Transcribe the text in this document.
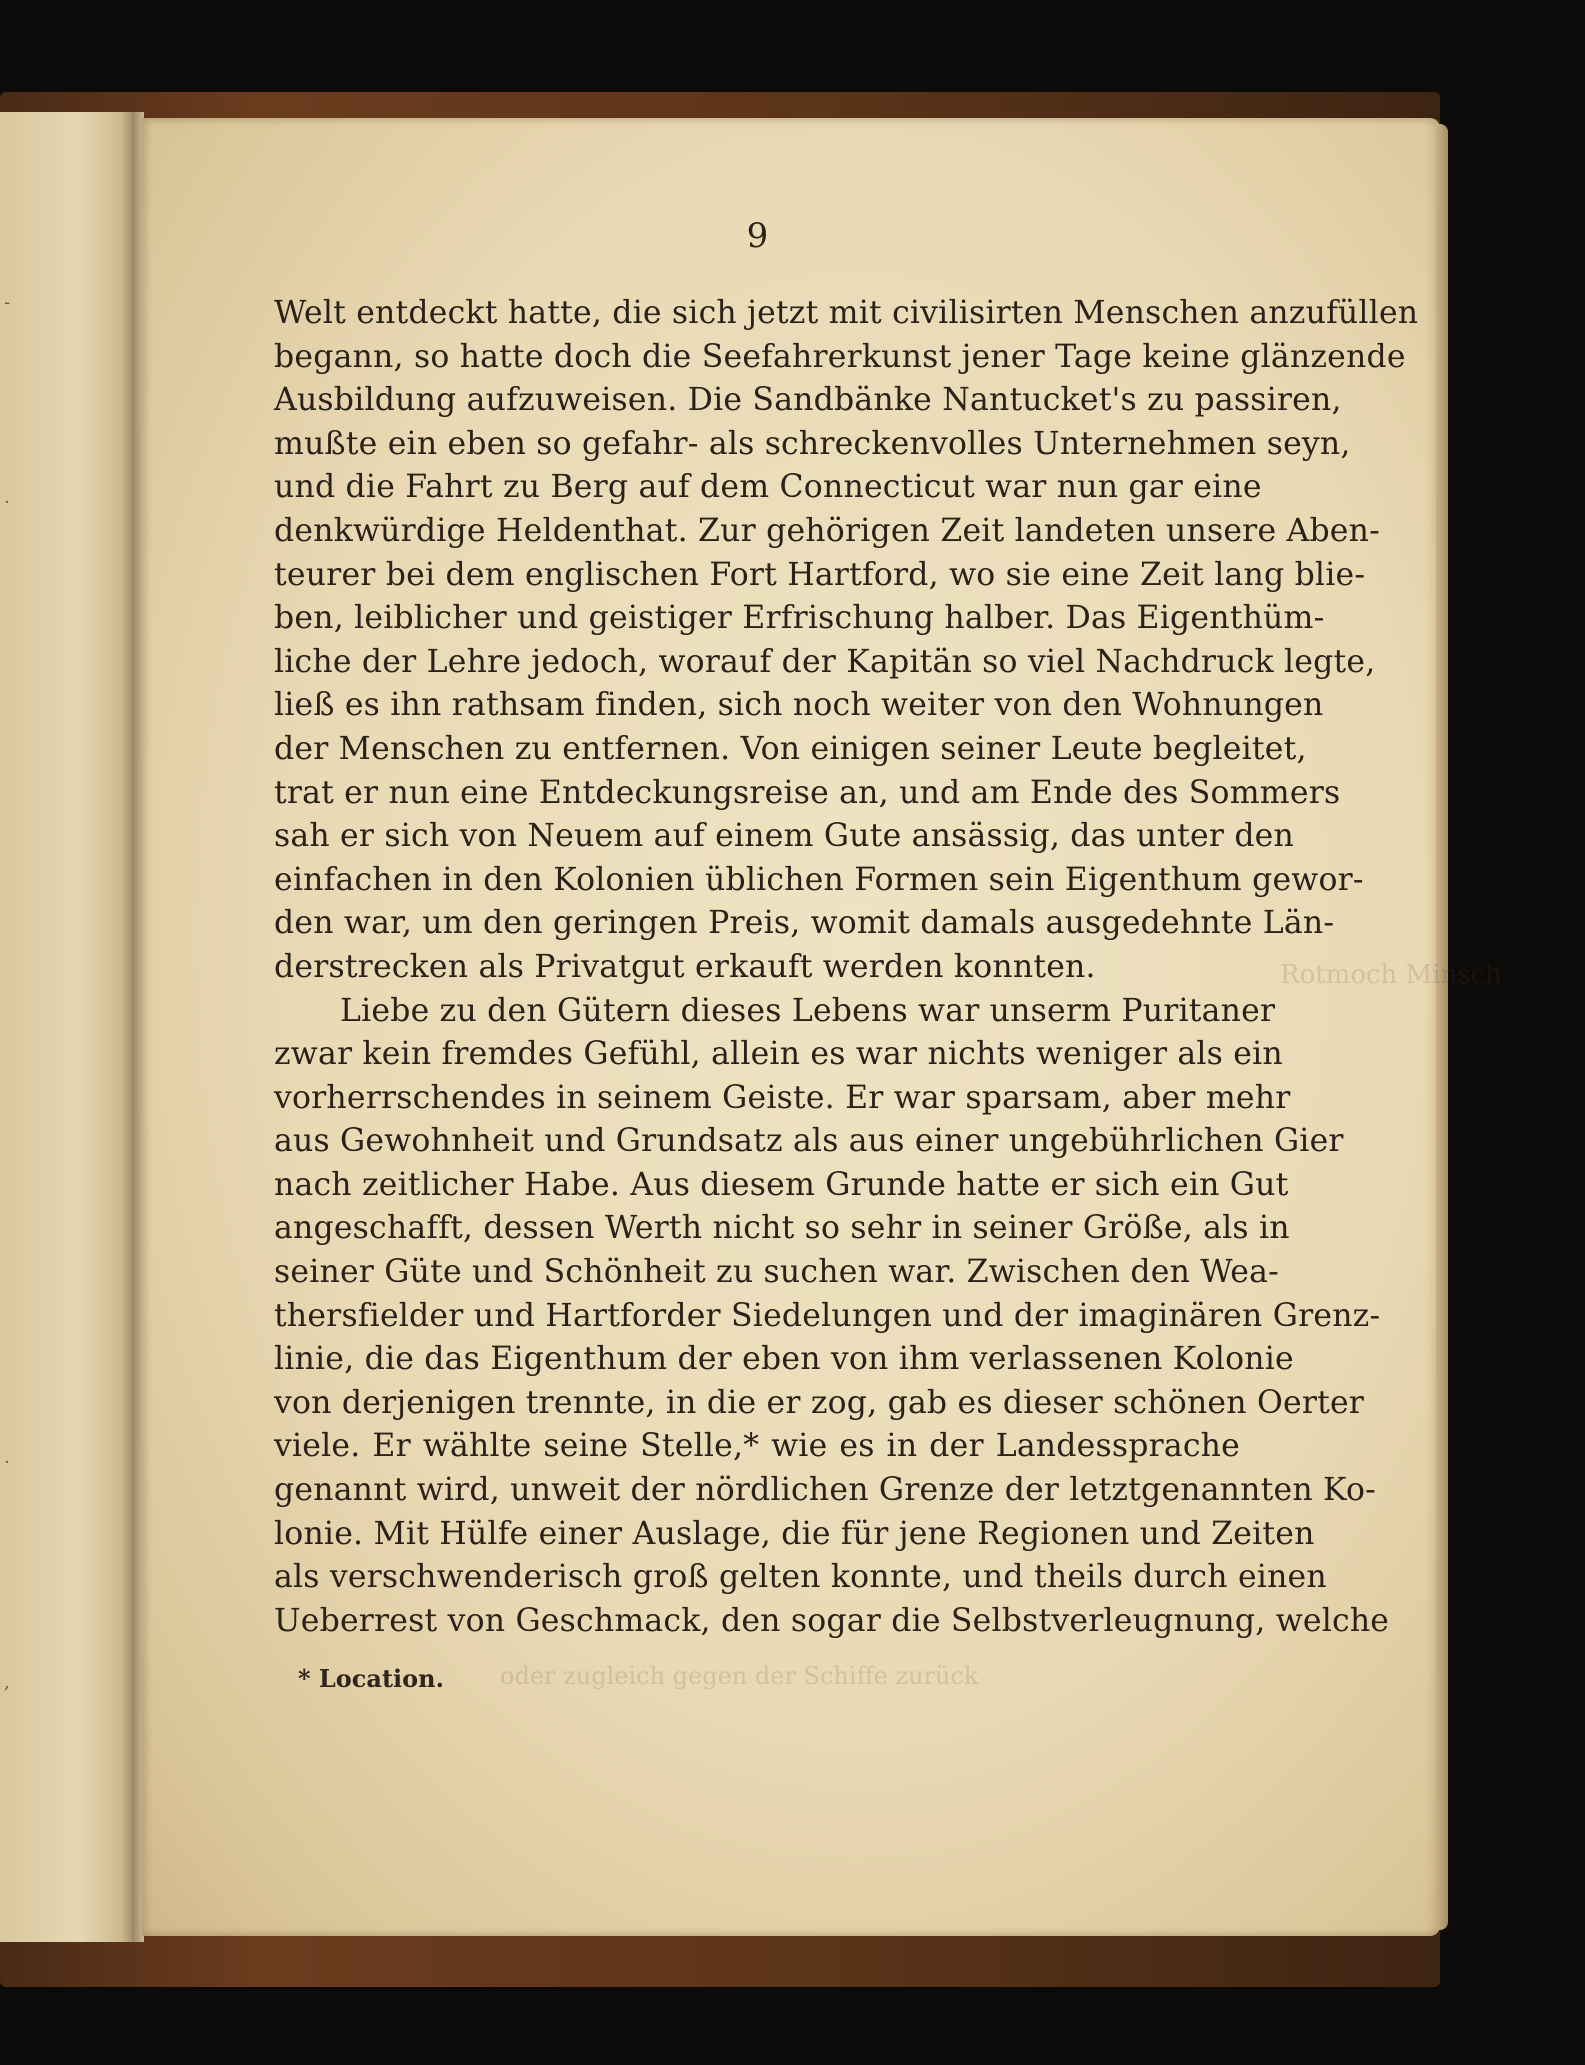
-
·
·
,
Rotmoch Minsch
oder zugleich gegen der Schiffe zurück
9
Welt entdeckt hatte, die sich jetzt mit civilisirten Menschen anzufüllen
begann, so hatte doch die Seefahrerkunst jener Tage keine glänzende
Ausbildung aufzuweisen. Die Sandbänke Nantucket's zu passiren,
mußte ein eben so gefahr- als schreckenvolles Unternehmen seyn,
und die Fahrt zu Berg auf dem Connecticut war nun gar eine
denkwürdige Heldenthat. Zur gehörigen Zeit landeten unsere Aben-
teurer bei dem englischen Fort Hartford, wo sie eine Zeit lang blie-
ben, leiblicher und geistiger Erfrischung halber. Das Eigenthüm-
liche der Lehre jedoch, worauf der Kapitän so viel Nachdruck legte,
ließ es ihn rathsam finden, sich noch weiter von den Wohnungen
der Menschen zu entfernen. Von einigen seiner Leute begleitet,
trat er nun eine Entdeckungsreise an, und am Ende des Sommers
sah er sich von Neuem auf einem Gute ansässig, das unter den
einfachen in den Kolonien üblichen Formen sein Eigenthum gewor-
den war, um den geringen Preis, womit damals ausgedehnte Län-
derstrecken als Privatgut erkauft werden konnten.
Liebe zu den Gütern dieses Lebens war unserm Puritaner
zwar kein fremdes Gefühl, allein es war nichts weniger als ein
vorherrschendes in seinem Geiste. Er war sparsam, aber mehr
aus Gewohnheit und Grundsatz als aus einer ungebührlichen Gier
nach zeitlicher Habe. Aus diesem Grunde hatte er sich ein Gut
angeschafft, dessen Werth nicht so sehr in seiner Größe, als in
seiner Güte und Schönheit zu suchen war. Zwischen den Wea-
thersfielder und Hartforder Siedelungen und der imaginären Grenz-
linie, die das Eigenthum der eben von ihm verlassenen Kolonie
von derjenigen trennte, in die er zog, gab es dieser schönen Oerter
viele. Er wählte seine Stelle,* wie es in der Landessprache
genannt wird, unweit der nördlichen Grenze der letztgenannten Ko-
lonie. Mit Hülfe einer Auslage, die für jene Regionen und Zeiten
als verschwenderisch groß gelten konnte, und theils durch einen
Ueberrest von Geschmack, den sogar die Selbstverleugnung, welche
* Location.
